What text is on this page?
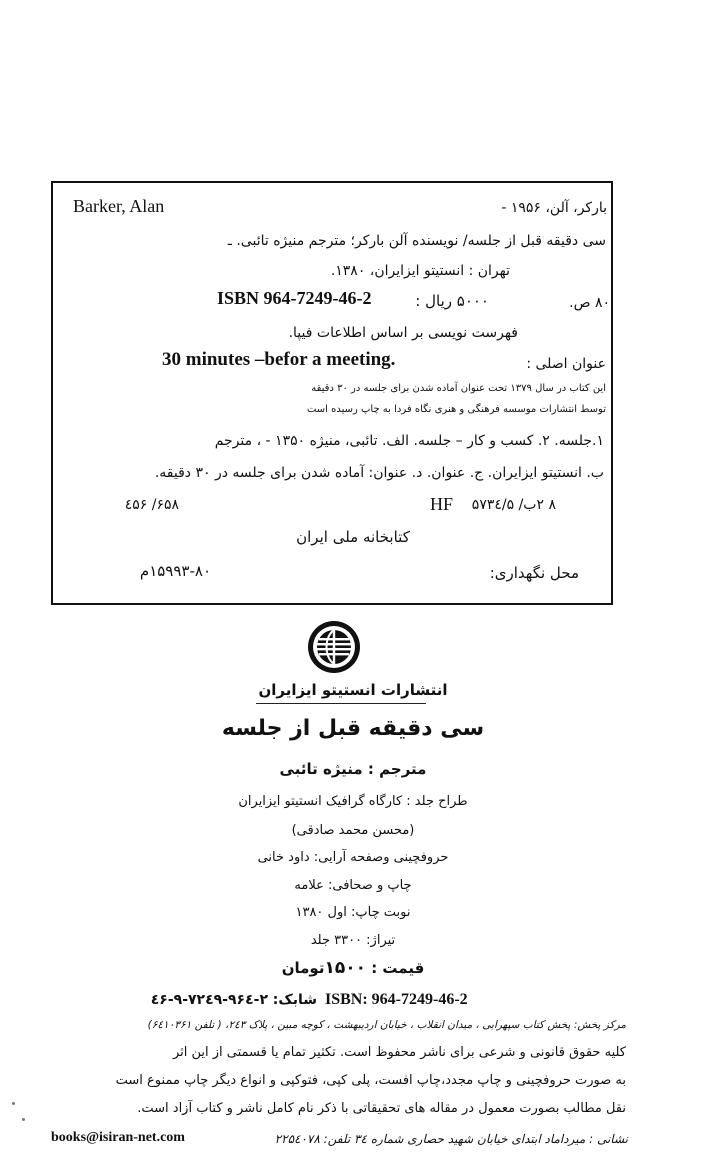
Barker, Alan	بارکر، آلن، ۱۹۵۶ -
سی دقیقه قبل از جلسه/ نویسنده آلن بارکر؛ مترجم منیژه تائبی. ـ
تهران : انستیتو ایزایران، ۱۳۸۰.
۸۰ ص.
۵۰۰۰ ریال :
ISBN 964-7249-46-2
فهرست نویسی بر اساس اطلاعات فیپا.
عنوان اصلی :
30 minutes –befor a meeting.
این کتاب در سال ۱۳۷۹ تحت عنوان آماده شدن برای جلسه در ۳۰ دقیقه
توسط انتشارات موسسه فرهنگی و هنری نگاه فردا به چاپ رسیده است
۱.جلسه. ۲. کسب و کار – جلسه. الف. تائبی، منیژه ۱۳۵۰ - ، مترجم
ب. انستیتو ایزایران. ج. عنوان. د. عنوان: آماده شدن برای جلسه در ۳۰ دقیقه.
۸ ۲ب/ ۵۷۳٤/۵
HF
۶۵۸/ ٤۵۶
کتابخانه ملی ایران
محل نگهداری:
۱۵۹۹۳-۸۰م
انتشارات انستیتو ایزایران
سی دقیقه قبل از جلسه
مترجم : منیژه تائبی
طراح جلد : کارگاه گرافیک انستیتو ایزایران
(محسن محمد صادقی)
حروفچینی وصفحه آرایی: داود خانی
چاپ و صحافی: علامه
نوبت چاپ: اول ۱۳۸۰
تیراژ: ۳۳۰۰ جلد
قیمت : ۱۵۰۰تومان
ISBN: 964-7249-46-2
شابک:
۲-٤۶-۹-۷۲٤۹-۹۶٤
مرکز پخش: پخش کتاب سپهرابی ، میدان انقلاب ، خیابان اردیبهشت ، کوچه مبین ، پلاک ۲٤۳، ( تلفن ۶٤۱۰۳۶۱)
کلیه حقوق قانونی و شرعی برای ناشر محفوظ است. تکثیر تمام یا قسمتی از این اثر
به صورت حروفچینی و چاپ مجدد،چاپ افست، پلی کپی، فتوکپی و انواع دیگر چاپ ممنوع است
نقل مطالب بصورت معمول در مقاله های تحقیقاتی با ذکر نام کامل ناشر و کتاب آزاد است.
نشانی : میرداماد ابتدای خیابان شهید حصاری شماره ۳٤ تلفن: ۲۲۵٤۰۷۸
books@isiran-net.com
